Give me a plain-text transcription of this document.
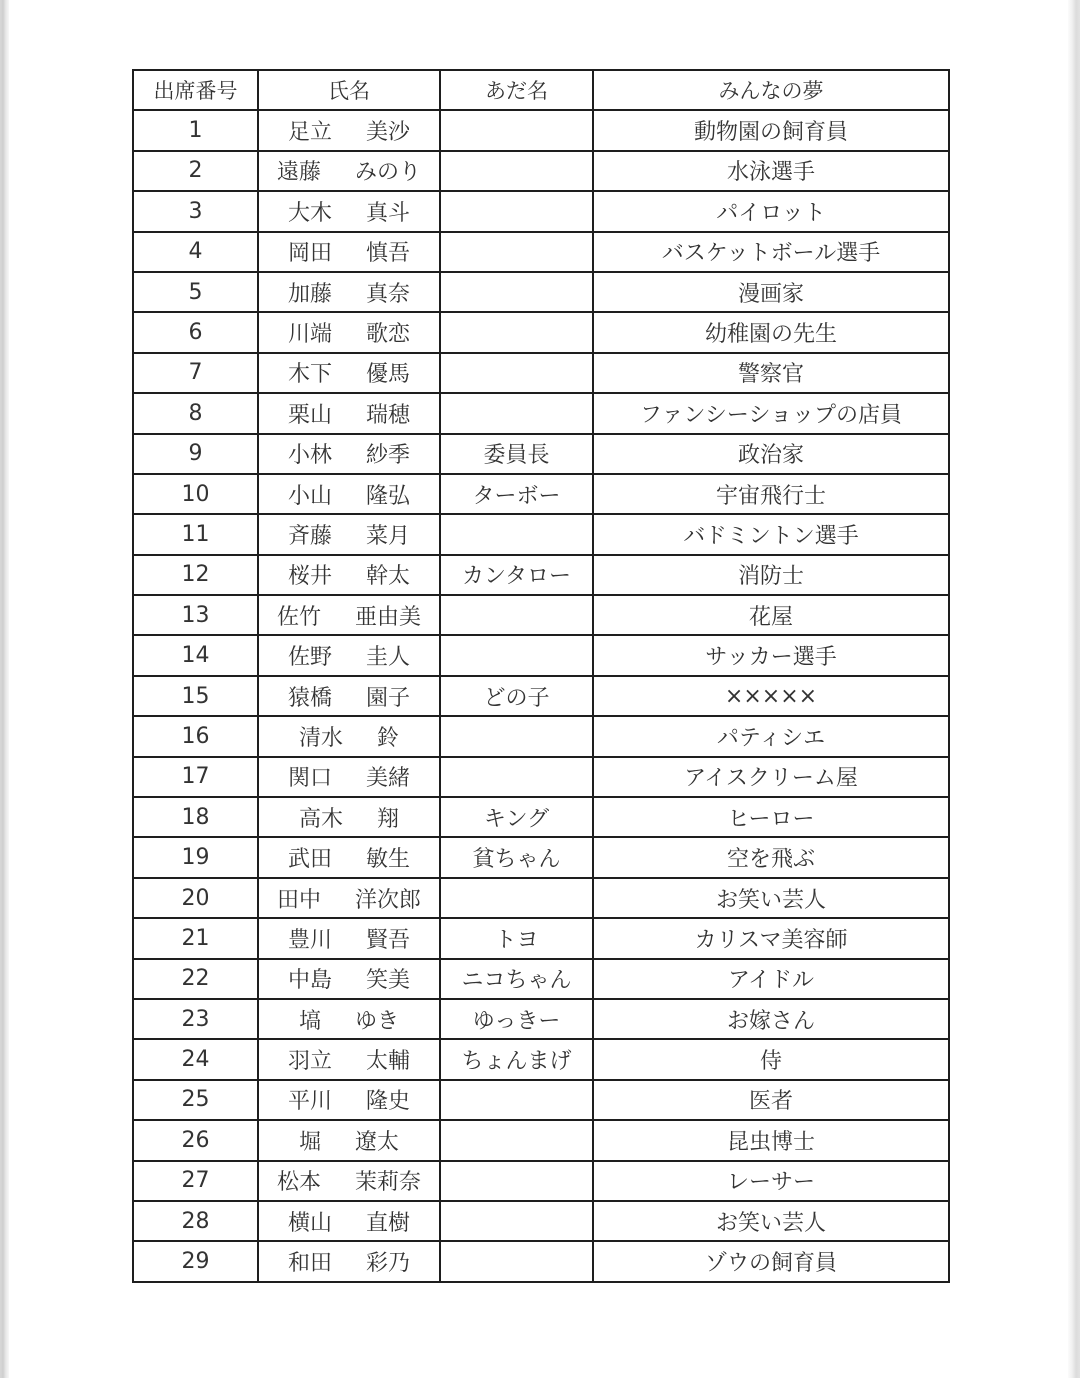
出席番号	氏名	あだ名	みんなの夢
1	足立 美沙		動物園の飼育員
2	遠藤 みのり		水泳選手
3	大木 真斗		パイロット
4	岡田 慎吾		バスケットボール選手
5	加藤 真奈		漫画家
6	川端 歌恋		幼稚園の先生
7	木下 優馬		警察官
8	栗山 瑞穂		ファンシーショップの店員
9	小林 紗季	委員長	政治家
10	小山 隆弘	ターボー	宇宙飛行士
11	斉藤 菜月		バドミントン選手
12	桜井 幹太	カンタロー	消防士
13	佐竹 亜由美		花屋
14	佐野 圭人		サッカー選手
15	猿橋 園子	どの子	×××××
16	清水 鈴		パティシエ
17	関口 美緒		アイスクリーム屋
18	高木 翔	キング	ヒーロー
19	武田 敏生	貧ちゃん	空を飛ぶ
20	田中 洋次郎		お笑い芸人
21	豊川 賢吾	トヨ	カリスマ美容師
22	中島 笑美	ニコちゃん	アイドル
23	塙 ゆき	ゆっきー	お嫁さん
24	羽立 太輔	ちょんまげ	侍
25	平川 隆史		医者
26	堀 遼太		昆虫博士
27	松本 茉莉奈		レーサー
28	横山 直樹		お笑い芸人
29	和田 彩乃		ゾウの飼育員
